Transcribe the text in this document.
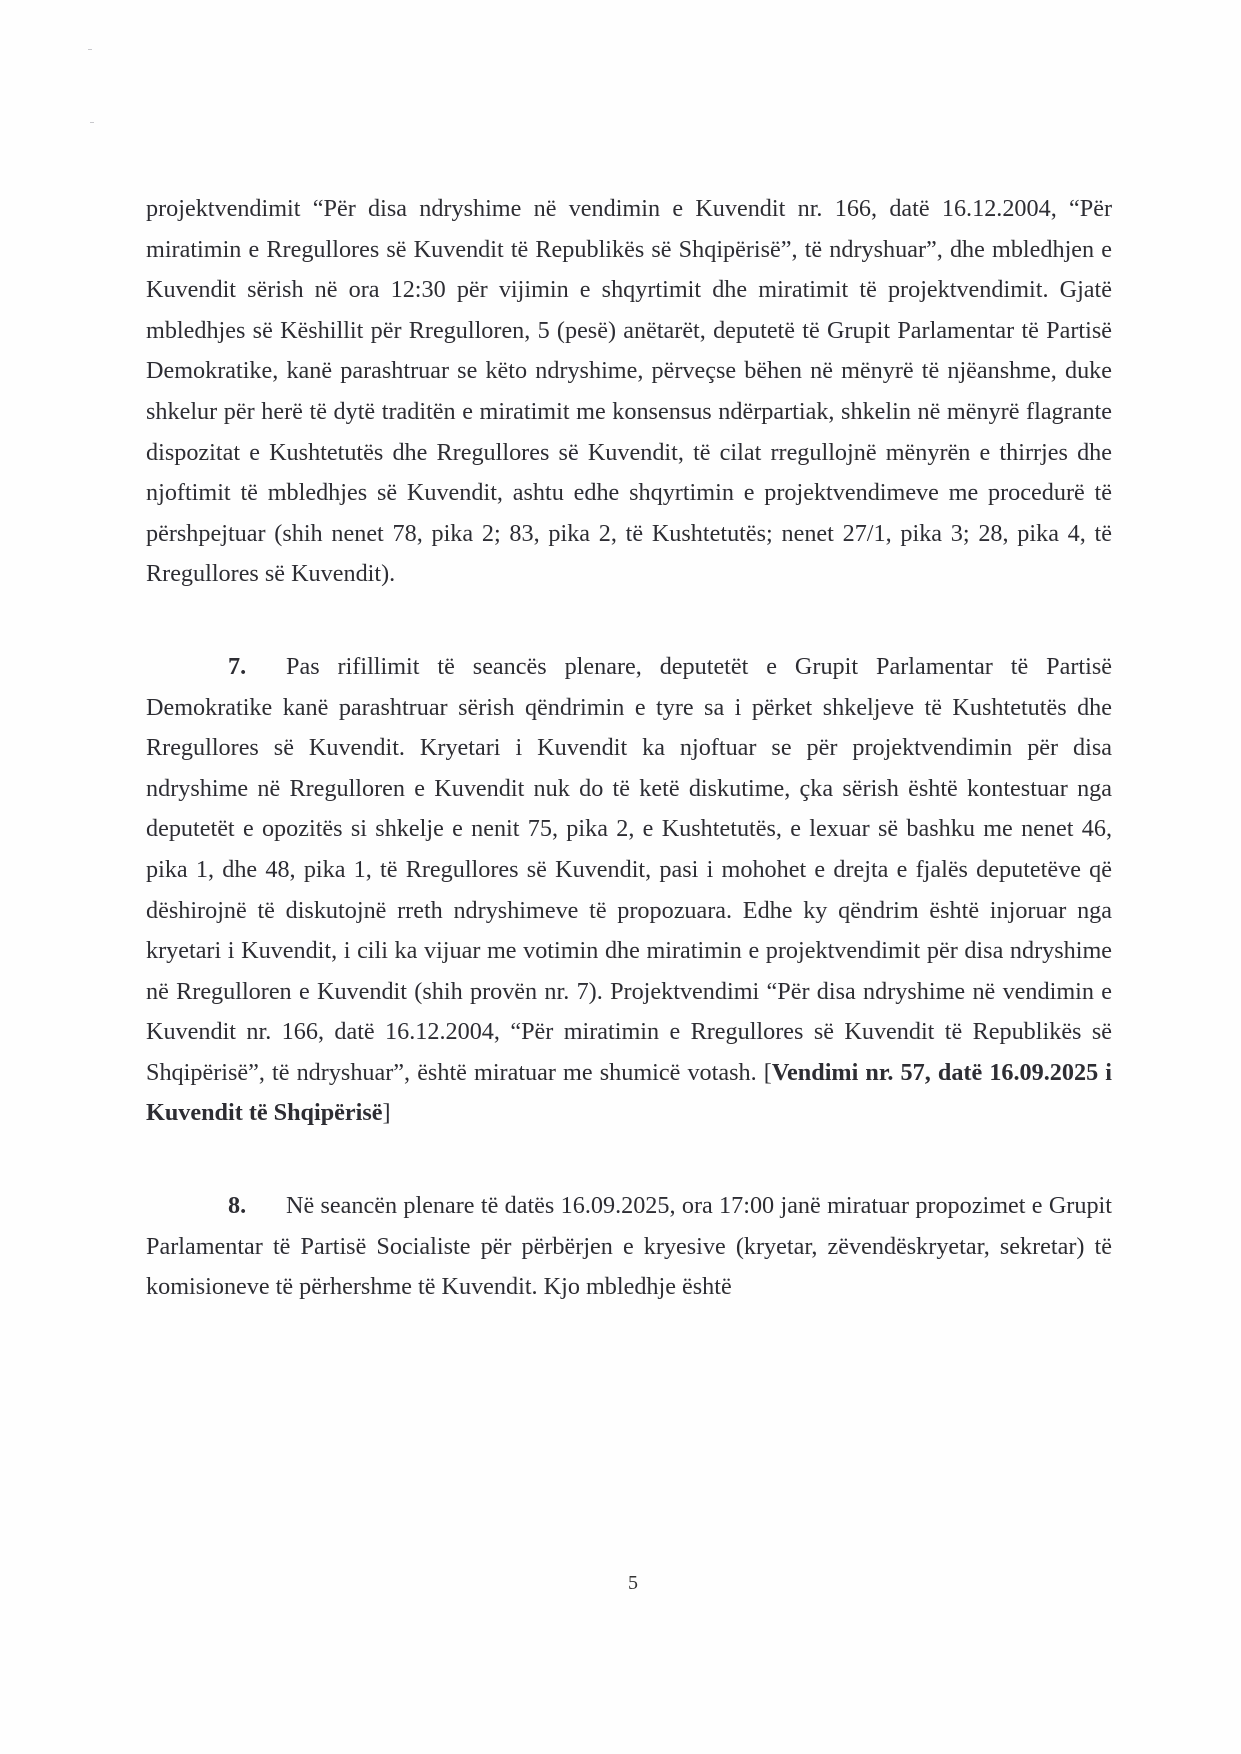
projektvendimit “Për disa ndryshime në vendimin e Kuvendit nr. 166, datë 16.12.2004, “Për miratimin e Rregullores së Kuvendit të Republikës së Shqipërisë”, të ndryshuar”, dhe mbledhjen e Kuvendit sërish në ora 12:30 për vijimin e shqyrtimit dhe miratimit të projektvendimit. Gjatë mbledhjes së Këshillit për Rregulloren, 5 (pesë) anëtarët, deputetë të Grupit Parlamentar të Partisë Demokratike, kanë parashtruar se këto ndryshime, përveçse bëhen në mënyrë të njëanshme, duke shkelur për herë të dytë traditën e miratimit me konsensus ndërpartiak, shkelin në mënyrë flagrante dispozitat e Kushtetutës dhe Rregullores së Kuvendit, të cilat rregullojnë mënyrën e thirrjes dhe njoftimit të mbledhjes së Kuvendit, ashtu edhe shqyrtimin e projektvendimeve me procedurë të përshpejtuar (shih nenet 78, pika 2; 83, pika 2, të Kushtetutës; nenet 27/1, pika 3; 28, pika 4, të Rregullores së Kuvendit).

7. Pas rifillimit të seancës plenare, deputetët e Grupit Parlamentar të Partisë Demokratike kanë parashtruar sërish qëndrimin e tyre sa i përket shkeljeve të Kushtetutës dhe Rregullores së Kuvendit. Kryetari i Kuvendit ka njoftuar se për projektvendimin për disa ndryshime në Rregulloren e Kuvendit nuk do të ketë diskutime, çka sërish është kontestuar nga deputetët e opozitës si shkelje e nenit 75, pika 2, e Kushtetutës, e lexuar së bashku me nenet 46, pika 1, dhe 48, pika 1, të Rregullores së Kuvendit, pasi i mohohet e drejta e fjalës deputetëve që dëshirojnë të diskutojnë rreth ndryshimeve të propozuara. Edhe ky qëndrim është injoruar nga kryetari i Kuvendit, i cili ka vijuar me votimin dhe miratimin e projektvendimit për disa ndryshime në Rregulloren e Kuvendit (shih provën nr. 7). Projektvendimi “Për disa ndryshime në vendimin e Kuvendit nr. 166, datë 16.12.2004, “Për miratimin e Rregullores së Kuvendit të Republikës së Shqipërisë”, të ndryshuar”, është miratuar me shumicë votash. [Vendimi nr. 57, datë 16.09.2025 i Kuvendit të Shqipërisë]

8. Në seancën plenare të datës 16.09.2025, ora 17:00 janë miratuar propozimet e Grupit Parlamentar të Partisë Socialiste për përbërjen e kryesive (kryetar, zëvendëskryetar, sekretar) të komisioneve të përhershme të Kuvendit. Kjo mbledhje është

5
